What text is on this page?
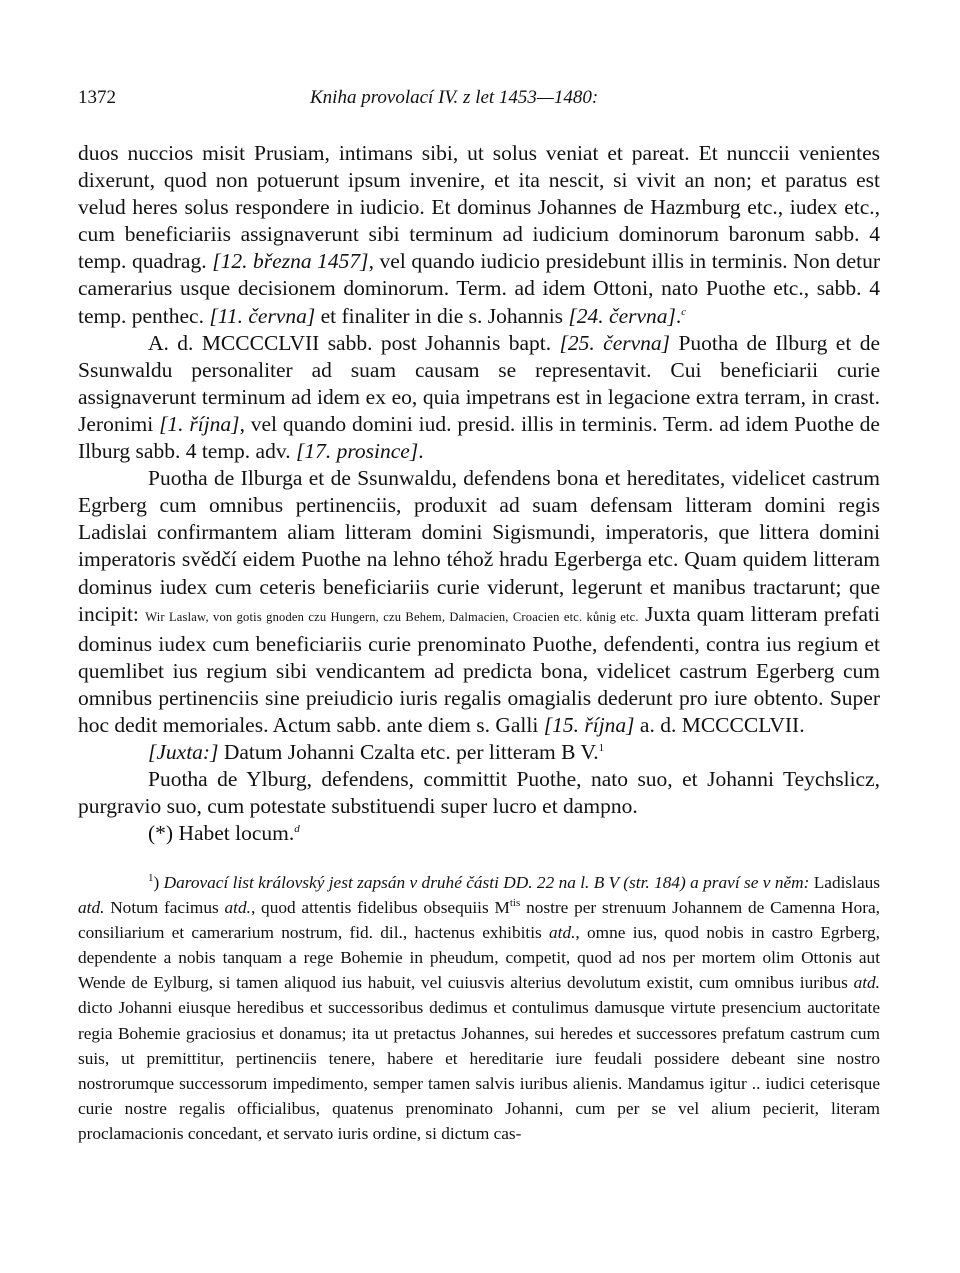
1372	Kniha provolací IV. z let 1453—1480:

duos nuccios misit Prusiam, intimans sibi, ut solus veniat et pareat. Et nunccii venientes dixerunt, quod non potuerunt ipsum invenire, et ita nescit, si vivit an non; et paratus est velud heres solus respondere in iudicio. Et dominus Johannes de Hazmburg etc., iudex etc., cum beneficiariis assignaverunt sibi terminum ad iudicium dominorum baronum sabb. 4 temp. quadrag. [12. března 1457], vel quando iudicio presidebunt illis in terminis. Non detur camerarius usque decisionem dominorum. Term. ad idem Ottoni, nato Puothe etc., sabb. 4 temp. penthec. [11. června] et finaliter in die s. Johannis [24. června].$^c$

A. d. MCCCCLVII sabb. post Johannis bapt. [25. června] Puotha de Ilburg et de Ssunwaldu personaliter ad suam causam se representavit. Cui beneficiarii curie assignaverunt terminum ad idem ex eo, quia impetrans est in legacione extra terram, in crast. Jeronimi [1. října], vel quando domini iud. presid. illis in terminis. Term. ad idem Puothe de Ilburg sabb. 4 temp. adv. [17. prosince].

Puotha de Ilburga et de Ssunwaldu, defendens bona et hereditates, videlicet castrum Egrberg cum omnibus pertinenciis, produxit ad suam defensam litteram domini regis Ladislai confirmantem aliam litteram domini Sigismundi, imperatoris, que littera domini imperatoris svědčí eidem Puothe na lehno téhož hradu Egerberga etc. Quam quidem litteram dominus iudex cum ceteris beneficiariis curie viderunt, legerunt et manibus tractarunt; que incipit: Wir Laslaw, von gotis gnoden czu Hungern, czu Behem, Dalmacien, Croacien etc. kůnig etc. Juxta quam litteram prefati dominus iudex cum beneficiariis curie prenominato Puothe, defendenti, contra ius regium et quemlibet ius regium sibi vendicantem ad predicta bona, videlicet castrum Egerberg cum omnibus pertinenciis sine preiudicio iuris regalis omagialis dederunt pro iure obtento. Super hoc dedit memoriales. Actum sabb. ante diem s. Galli [15. října] a. d. MCCCCLVII.

[Juxta:] Datum Johanni Czalta etc. per litteram B V.$^1$

Puotha de Ylburg, defendens, committit Puothe, nato suo, et Johanni Teychslicz, purgravio suo, cum potestate substituendi super lucro et dampno.

(*) Habet locum.$^d$

$^1$) Darovací list královský jest zapsán v druhé části DD. 22 na l. B V (str. 184) a praví se v něm: Ladislaus atd. Notum facimus atd., quod attentis fidelibus obsequiis $M^{tis}$ nostre per strenuum Johannem de Camenna Hora, consiliarium et camerarium nostrum, fid. dil., hactenus exhibitis atd., omne ius, quod nobis in castro Egrberg, dependente a nobis tanquam a rege Bohemie in pheudum, competit, quod ad nos per mortem olim Ottonis aut Wende de Eylburg, si tamen aliquod ius habuit, vel cuiusvis alterius devolutum existit, cum omnibus iuribus atd. dicto Johanni eiusque heredibus et successoribus dedimus et contulimus damusque virtute presencium auctoritate regia Bohemie graciosius et donamus; ita ut pretactus Johannes, sui heredes et successores prefatum castrum cum suis, ut premittitur, pertinenciis tenere, habere et hereditarie iure feudali possidere debeant sine nostro nostrorumque successorum impedimento, semper tamen salvis iuribus alienis. Mandamus igitur .. iudici ceterisque curie nostre regalis officialibus, quatenus prenominato Johanni, cum per se vel alium pecierit, literam proclamacionis concedant, et servato iuris ordine, si dictum cas-
